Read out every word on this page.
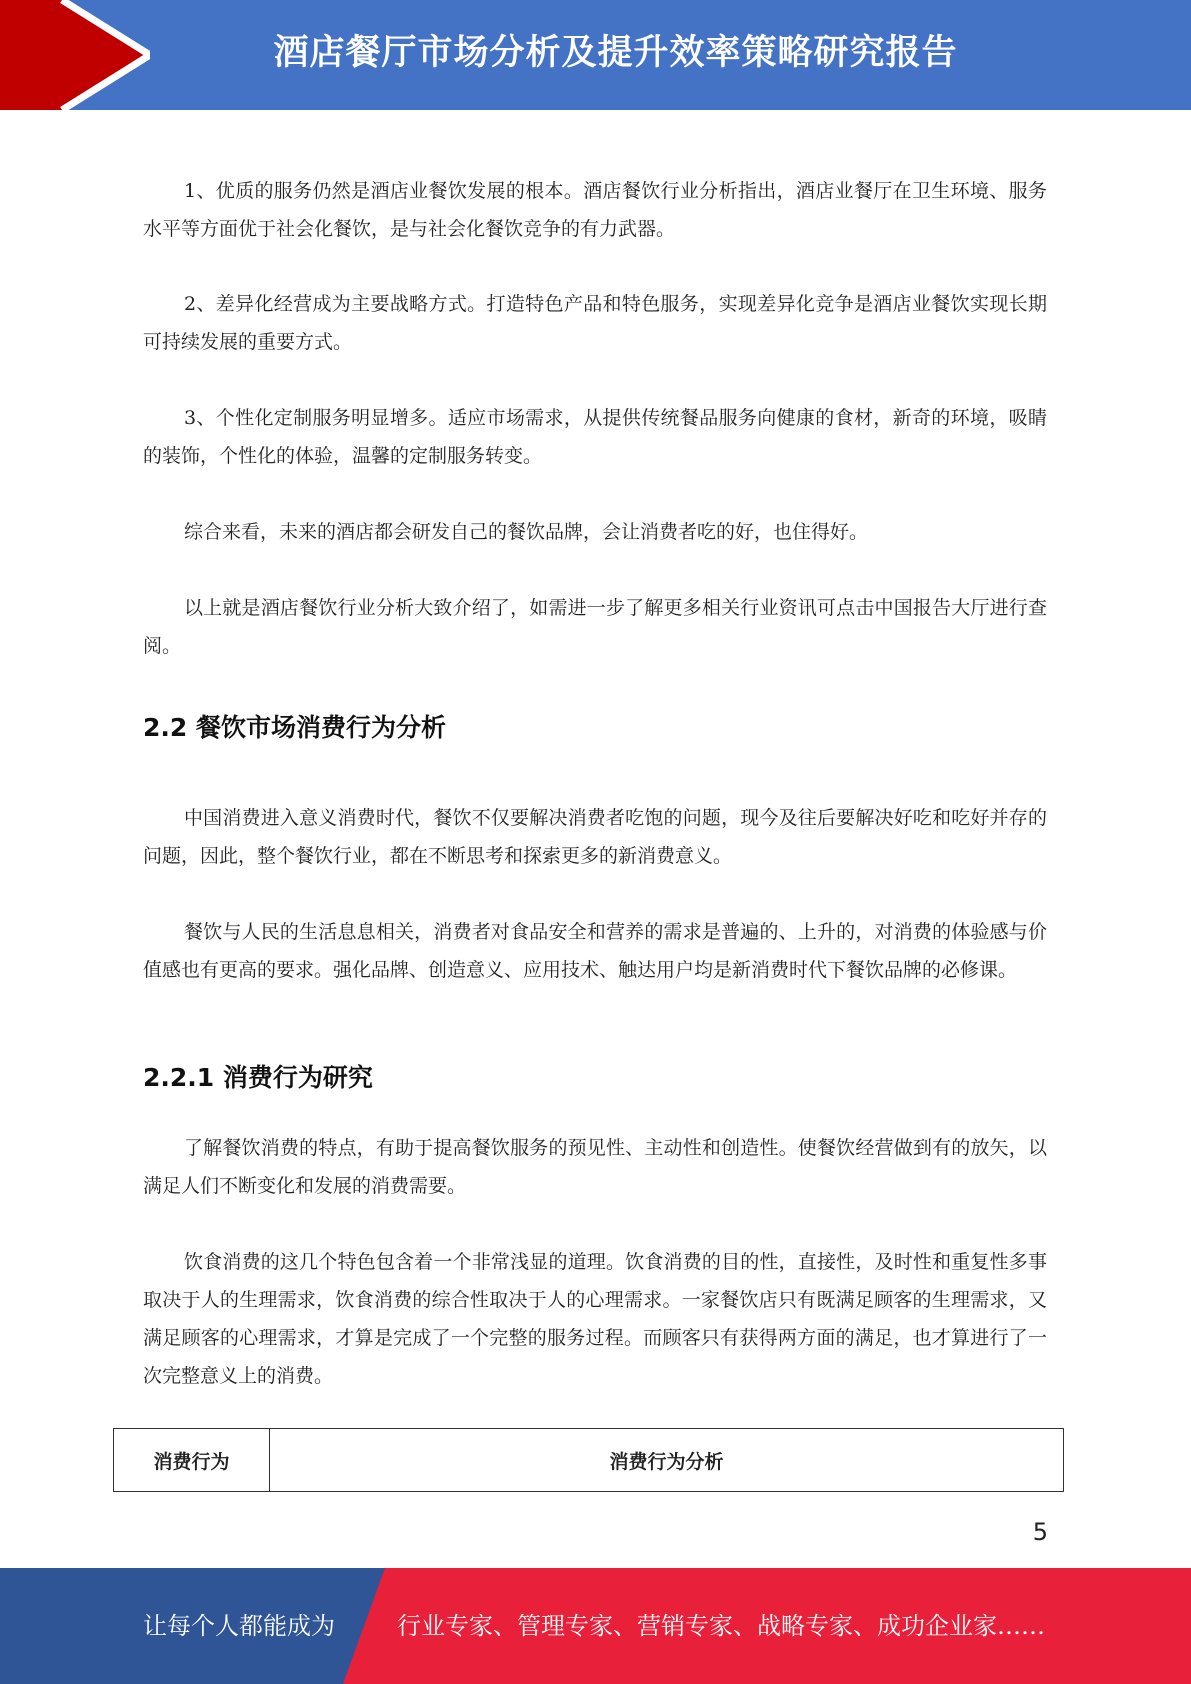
酒店餐厅市场分析及提升效率策略研究报告

1、优质的服务仍然是酒店业餐饮发展的根本。酒店餐饮行业分析指出，酒店业餐厅在卫生环境、服务水平等方面优于社会化餐饮，是与社会化餐饮竞争的有力武器。

2、差异化经营成为主要战略方式。打造特色产品和特色服务，实现差异化竞争是酒店业餐饮实现长期可持续发展的重要方式。

3、个性化定制服务明显增多。适应市场需求，从提供传统餐品服务向健康的食材，新奇的环境，吸睛的装饰，个性化的体验，温馨的定制服务转变。

综合来看，未来的酒店都会研发自己的餐饮品牌，会让消费者吃的好，也住得好。

以上就是酒店餐饮行业分析大致介绍了，如需进一步了解更多相关行业资讯可点击中国报告大厅进行查阅。

2.2 餐饮市场消费行为分析

中国消费进入意义消费时代，餐饮不仅要解决消费者吃饱的问题，现今及往后要解决好吃和吃好并存的问题，因此，整个餐饮行业，都在不断思考和探索更多的新消费意义。

餐饮与人民的生活息息相关，消费者对食品安全和营养的需求是普遍的、上升的，对消费的体验感与价值感也有更高的要求。强化品牌、创造意义、应用技术、触达用户均是新消费时代下餐饮品牌的必修课。

2.2.1 消费行为研究

了解餐饮消费的特点，有助于提高餐饮服务的预见性、主动性和创造性。使餐饮经营做到有的放矢，以满足人们不断变化和发展的消费需要。

饮食消费的这几个特色包含着一个非常浅显的道理。饮食消费的目的性，直接性，及时性和重复性多事取决于人的生理需求，饮食消费的综合性取决于人的心理需求。一家餐饮店只有既满足顾客的生理需求，又满足顾客的心理需求，才算是完成了一个完整的服务过程。而顾客只有获得两方面的满足，也才算进行了一次完整意义上的消费。

消费行为	消费行为分析
5
让每个人都能成为	行业专家、管理专家、营销专家、战略专家、成功企业家……
